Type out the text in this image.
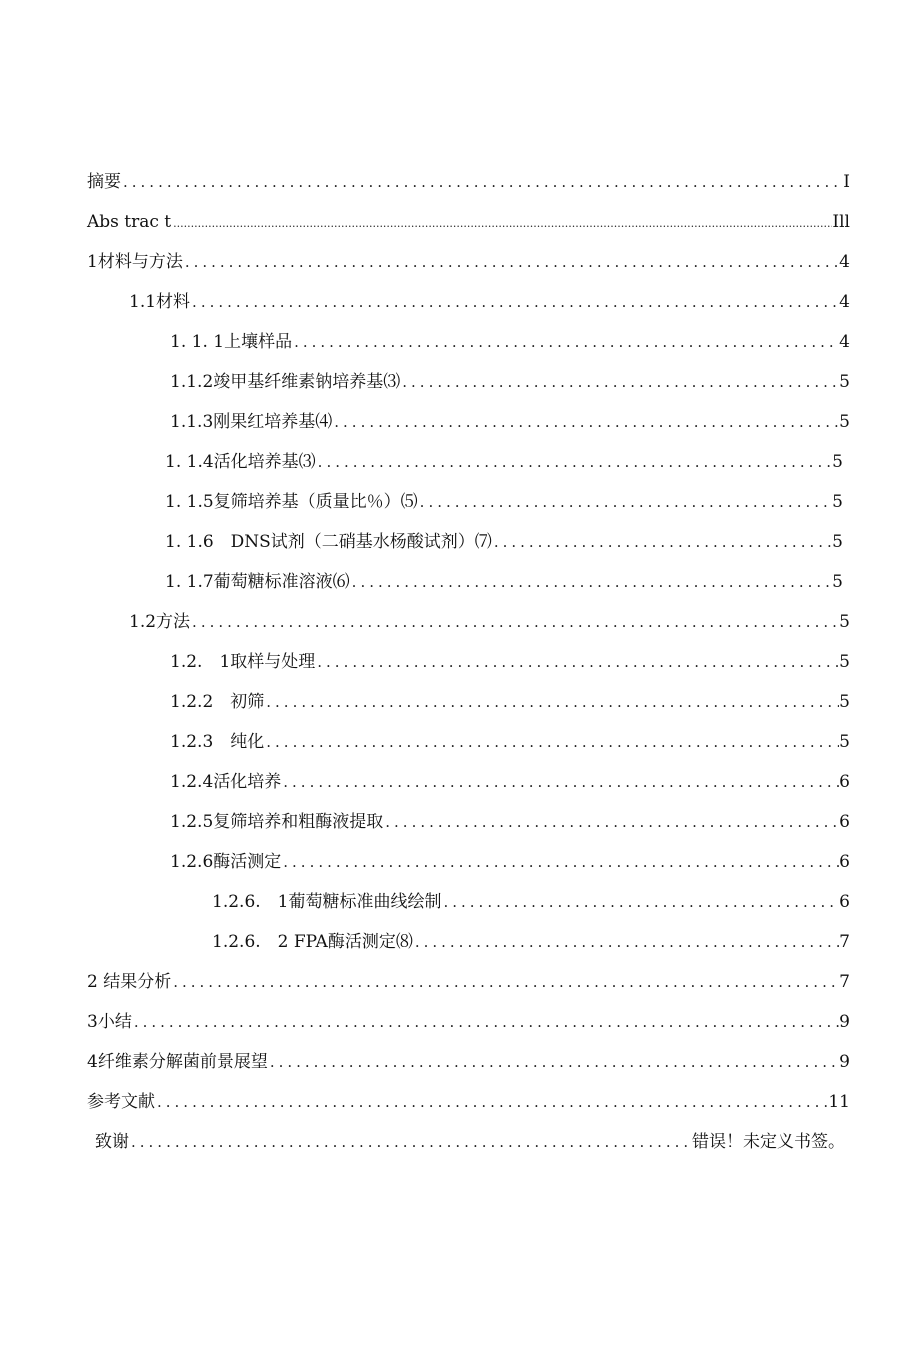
摘要 .....	I
Abs trac t .....	Ill
1材料与方法 .....	4
1.1材料 .....	4
1. 1. 1上壤样品 .....	4
1.1.2竣甲基纤维素钠培养基⑶ .....	5
1.1.3刚果红培养基⑷ .....	5
1. 1.4活化培养基⑶ .....	5
1. 1.5复筛培养基（质量比％）⑸ .....	5
1. 1.6　DNS试剂（二硝基水杨酸试剂）⑺ .....	5
1. 1.7葡萄糖标准溶液⑹ .....	5
1.2方法 .....	5
1.2.　1取样与处理 .....	5
1.2.2　初筛 .....	5
1.2.3　纯化 .....	5
1.2.4活化培养 .....	6
1.2.5复筛培养和粗酶液提取 .....	6
1.2.6酶活测定 .....	6
1.2.6.　1葡萄糖标准曲线绘制 .....	6
1.2.6.　2 FPA酶活测定⑻ .....	7
2 结果分析 .....	7
3小结 .....	9
4纤维素分解菌前景展望 .....	9
参考文献 .....	11
致谢 .....	错误！未定义书签。
